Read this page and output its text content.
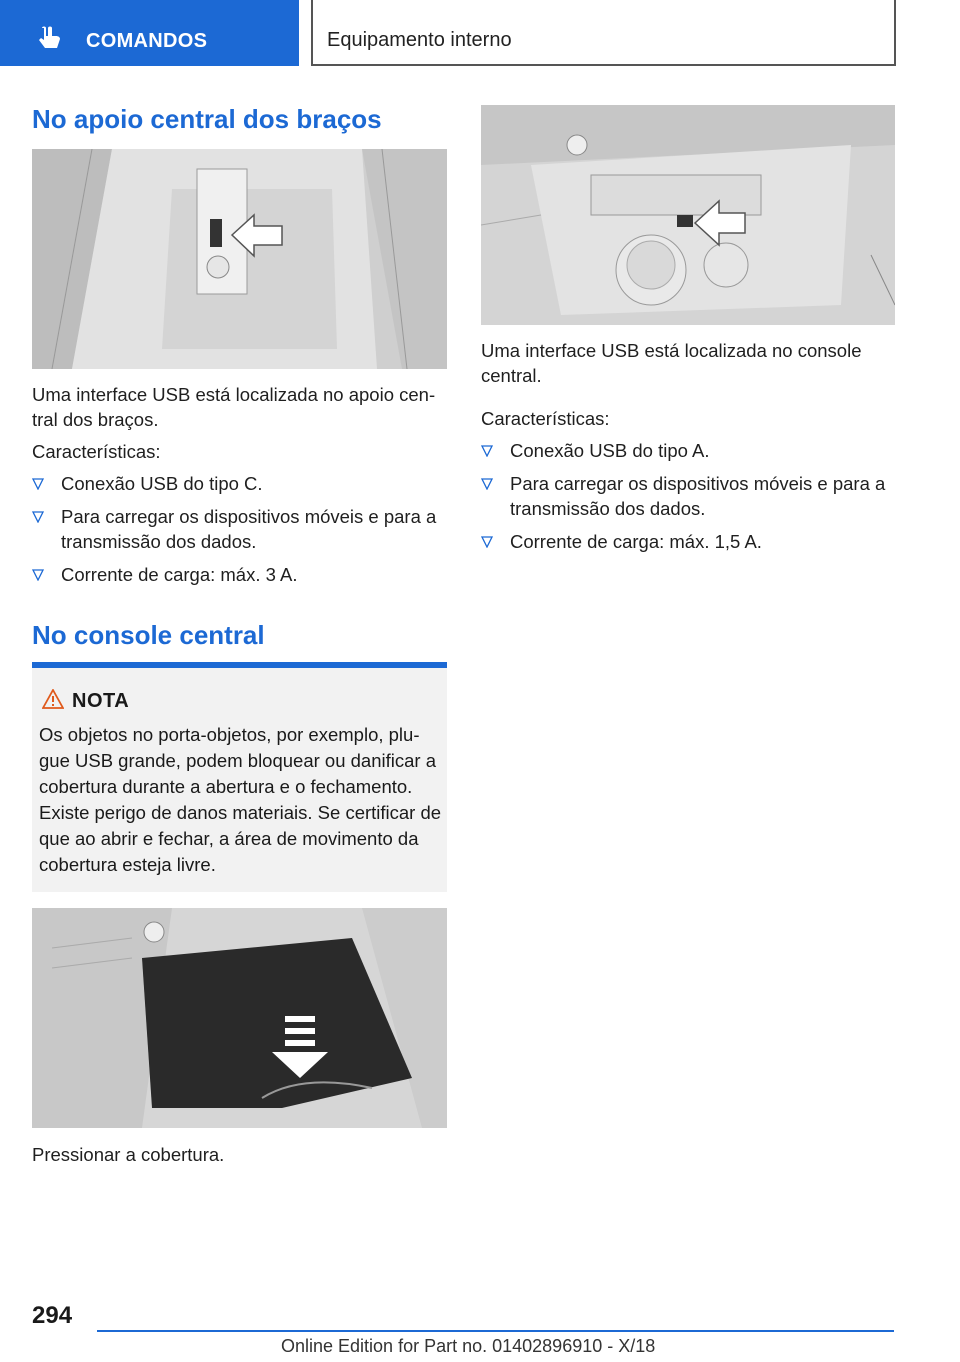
COMANDOS	Equipamento interno
No apoio central dos braços
Uma interface USB está localizada no apoio cen-tral dos braços.
Características:
Conexão USB do tipo C.
Para carregar os dispositivos móveis e para a transmissão dos dados.
Corrente de carga: máx. 3 A.
No console central
NOTA
Os objetos no porta-objetos, por exemplo, plu-gue USB grande, podem bloquear ou danificar a cobertura durante a abertura e o fechamento. Existe perigo de danos materiais. Se certificar de que ao abrir e fechar, a área de movimento da cobertura esteja livre.
Pressionar a cobertura.
Uma interface USB está localizada no console central.
Características:
Conexão USB do tipo A.
Para carregar os dispositivos móveis e para a transmissão dos dados.
Corrente de carga: máx. 1,5 A.
294
Online Edition for Part no. 01402896910 - X/18
